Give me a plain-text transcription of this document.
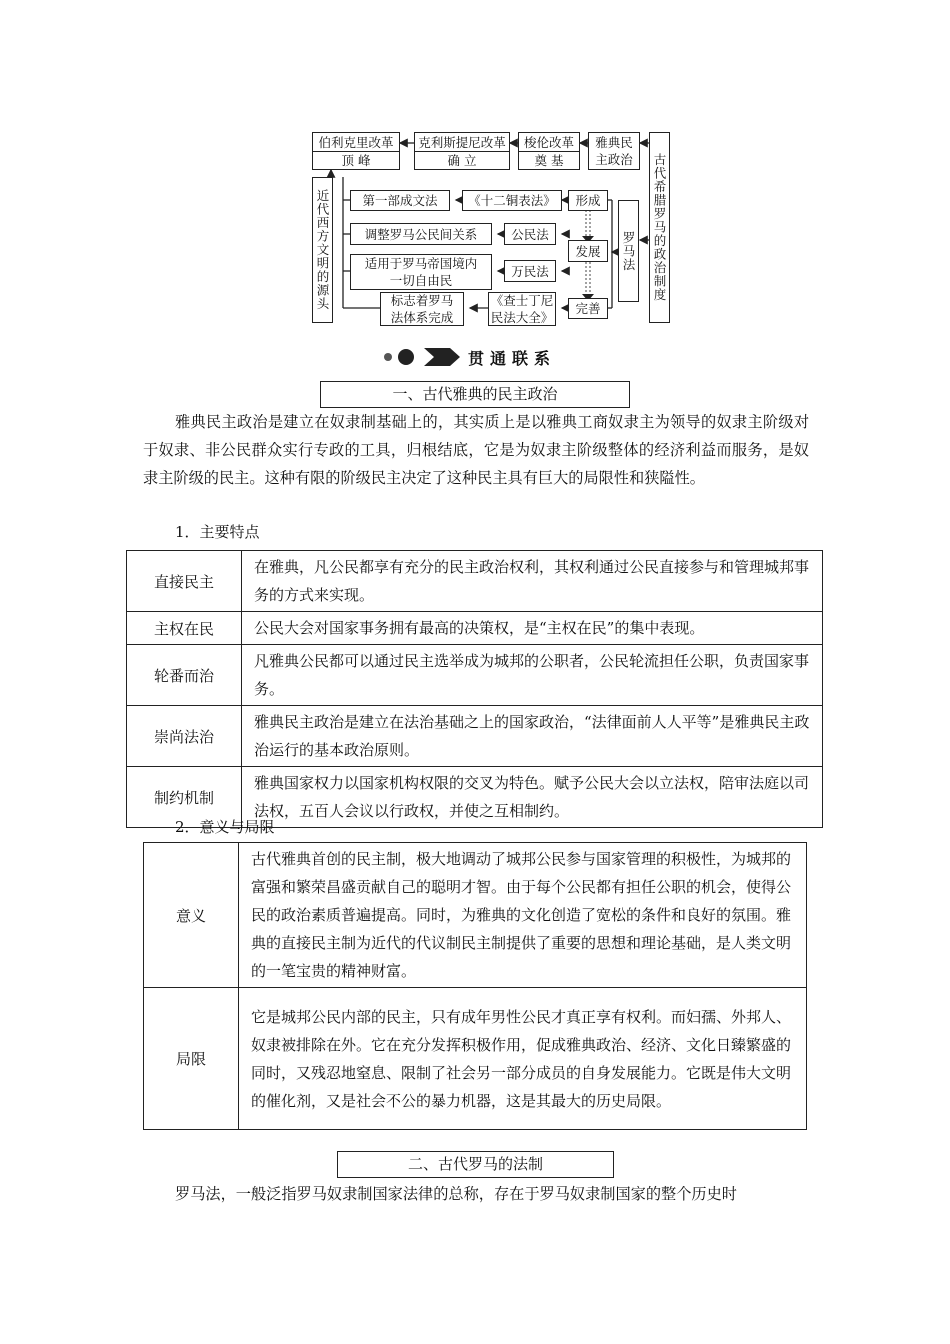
伯利克里改革
顶 峰
克利斯提尼改革
确 立
梭伦改革
奠 基
雅典民
主政治 古代希腊罗马的政治制度
近代西方文明的源头	罗马法
第一部成文法	《十二铜表法》	形成
调整罗马公民间关系	公民法
发展
适用于罗马帝国境内
一切自由民
万民法
标志着罗马
法体系完成
《查士丁尼
民法大全》
完善
贯通联系
一、古代雅典的民主政治
雅典民主政治是建立在奴隶制基础上的，其实质上是以雅典工商奴隶主为领导的奴隶主阶级对于奴隶、非公民群众实行专政的工具，归根结底，它是为奴隶主阶级整体的经济利益而服务，是奴隶主阶级的民主。这种有限的阶级民主决定了这种民主具有巨大的局限性和狭隘性。
1．主要特点
直接民主	在雅典，凡公民都享有充分的民主政治权利，其权利通过公民直接参与和管理城邦事务的方式来实现。
主权在民	公民大会对国家事务拥有最高的决策权，是“主权在民”的集中表现。
轮番而治	凡雅典公民都可以通过民主选举成为城邦的公职者，公民轮流担任公职，负责国家事务。
崇尚法治	雅典民主政治是建立在法治基础之上的国家政治，“法律面前人人平等”是雅典民主政治运行的基本政治原则。
制约机制	雅典国家权力以国家机构权限的交叉为特色。赋予公民大会以立法权，陪审法庭以司法权，五百人会议以行政权，并使之互相制约。
2．意义与局限
意义	古代雅典首创的民主制，极大地调动了城邦公民参与国家管理的积极性，为城邦的富强和繁荣昌盛贡献自己的聪明才智。由于每个公民都有担任公职的机会，使得公民的政治素质普遍提高。同时，为雅典的文化创造了宽松的条件和良好的氛围。雅典的直接民主制为近代的代议制民主制提供了重要的思想和理论基础，是人类文明的一笔宝贵的精神财富。
局限	它是城邦公民内部的民主，只有成年男性公民才真正享有权利。而妇孺、外邦人、奴隶被排除在外。它在充分发挥积极作用，促成雅典政治、经济、文化日臻繁盛的同时，又残忍地窒息、限制了社会另一部分成员的自身发展能力。它既是伟大文明的催化剂，又是社会不公的暴力机器，这是其最大的历史局限。
二、古代罗马的法制
罗马法，一般泛指罗马奴隶制国家法律的总称，存在于罗马奴隶制国家的整个历史时
